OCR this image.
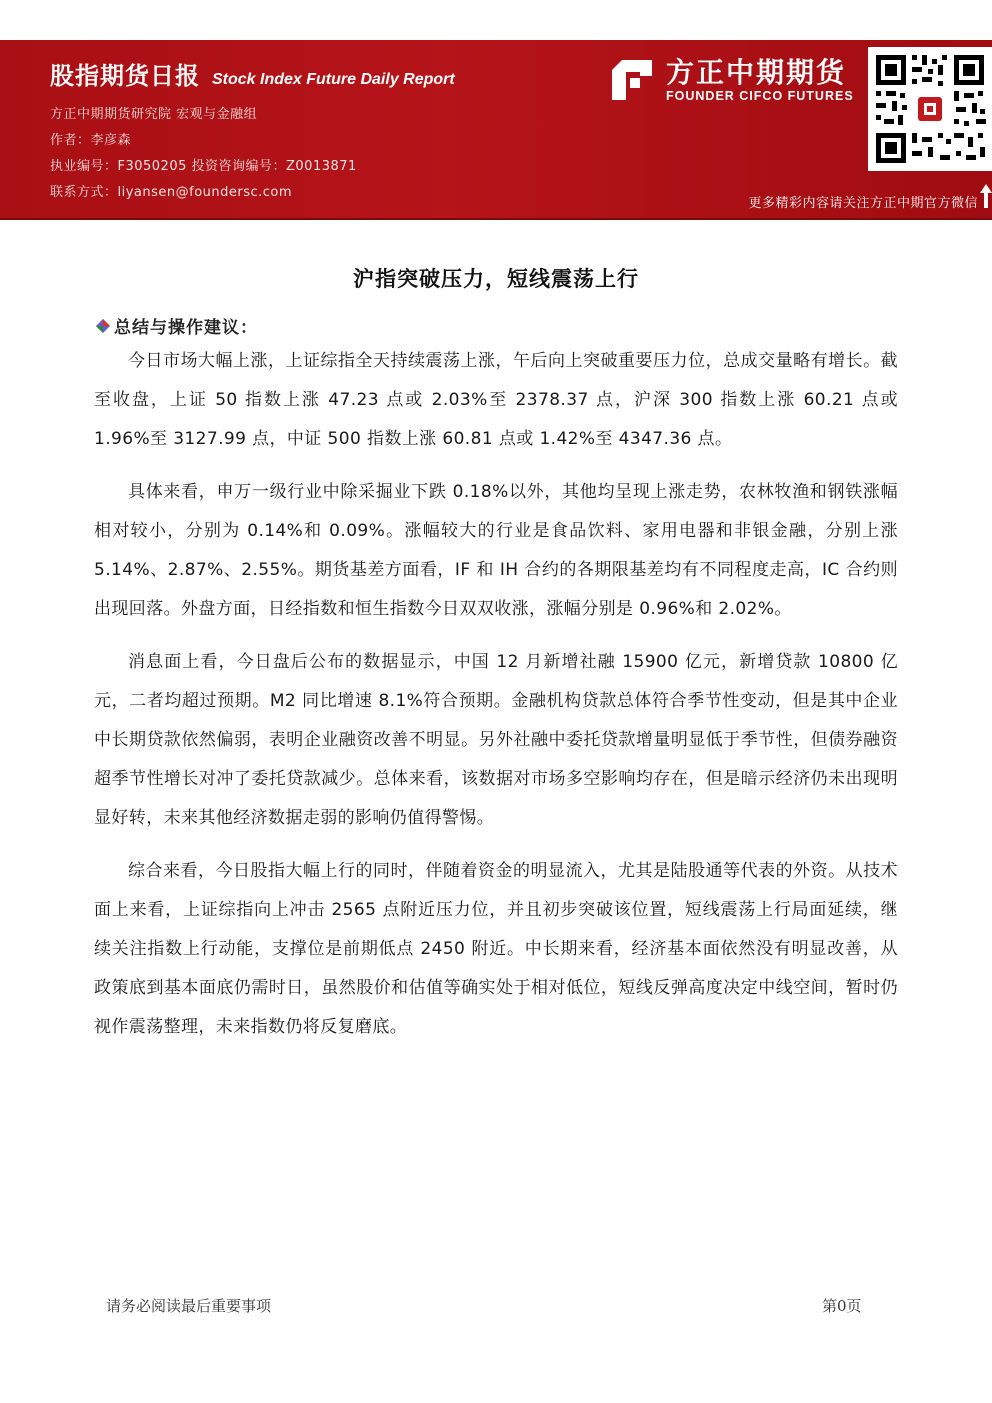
股指期货日报 Stock Index Future Daily Report
方正中期期货研究院 宏观与金融组
作者：李彦森
执业编号：F3050205 投资咨询编号：Z0013871
联系方式：liyansen@foundersc.com
方正中期期货
FOUNDER CIFCO FUTURES
更多精彩内容请关注方正中期官方微信
沪指突破压力，短线震荡上行
总结与操作建议：

今日市场大幅上涨，上证综指全天持续震荡上涨，午后向上突破重要压力位，总成交量略有增长。截至收盘，上证 50 指数上涨 47.23 点或 2.03%至 2378.37 点，沪深 300 指数上涨 60.21 点或 1.96%至 3127.99 点，中证 500 指数上涨 60.81 点或 1.42%至 4347.36 点。

具体来看，申万一级行业中除采掘业下跌 0.18%以外，其他均呈现上涨走势，农林牧渔和钢铁涨幅相对较小，分别为 0.14%和 0.09%。涨幅较大的行业是食品饮料、家用电器和非银金融，分别上涨 5.14%、2.87%、2.55%。期货基差方面看，IF 和 IH 合约的各期限基差均有不同程度走高，IC 合约则出现回落。外盘方面，日经指数和恒生指数今日双双收涨，涨幅分别是 0.96%和 2.02%。

消息面上看，今日盘后公布的数据显示，中国 12 月新增社融 15900 亿元，新增贷款 10800 亿元，二者均超过预期。M2 同比增速 8.1%符合预期。金融机构贷款总体符合季节性变动，但是其中企业中长期贷款依然偏弱，表明企业融资改善不明显。另外社融中委托贷款增量明显低于季节性，但债券融资超季节性增长对冲了委托贷款减少。总体来看，该数据对市场多空影响均存在，但是暗示经济仍未出现明显好转，未来其他经济数据走弱的影响仍值得警惕。

综合来看，今日股指大幅上行的同时，伴随着资金的明显流入，尤其是陆股通等代表的外资。从技术面上来看，上证综指向上冲击 2565 点附近压力位，并且初步突破该位置，短线震荡上行局面延续，继续关注指数上行动能，支撑位是前期低点 2450 附近。中长期来看，经济基本面依然没有明显改善，从政策底到基本面底仍需时日，虽然股价和估值等确实处于相对低位，短线反弹高度决定中线空间，暂时仍视作震荡整理，未来指数仍将反复磨底。

请务必阅读最后重要事项	第0页
